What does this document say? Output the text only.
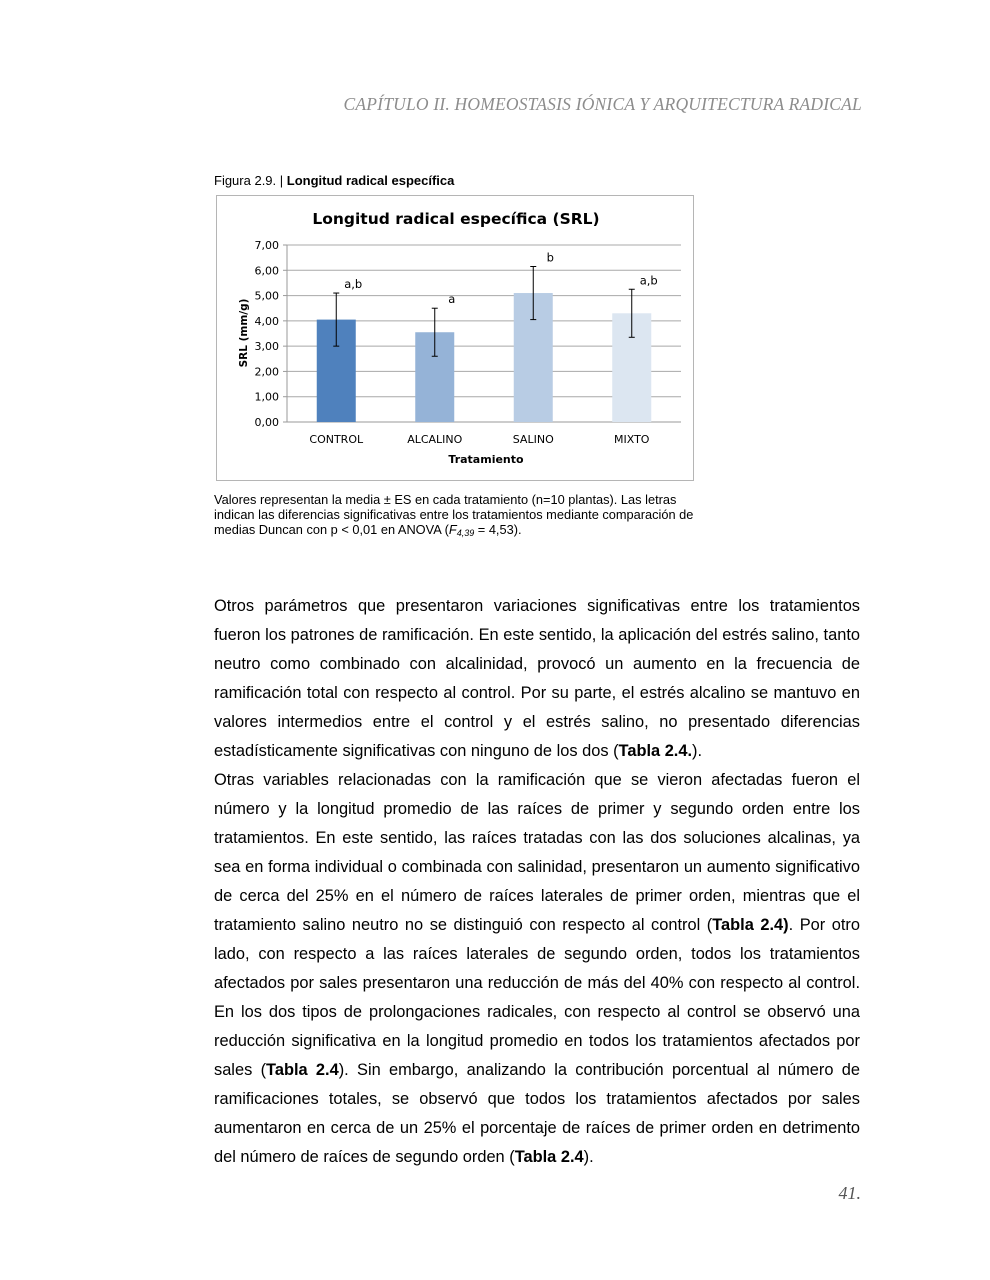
CAPÍTULO II. HOMEOSTASIS IÓNICA Y ARQUITECTURA RADICAL
Figura 2.9. | Longitud radical específica
0,00
1,00
2,00
3,00
4,00
5,00
6,00
7,00
a,b
CONTROL
a
ALCALINO
b
SALINO
a,b
MIXTO
Longitud radical específica (SRL)
Tratamiento
SRL (mm/g)
Valores representan la media ± ES en cada tratamiento (n=10 plantas). Las letras indican las diferencias significativas entre los tratamientos mediante comparación de medias Duncan con p < 0,01 en ANOVA $(F_{4,39} = 4,53)$.

Otros parámetros que presentaron variaciones significativas entre los tratamientos fueron los patrones de ramificación. En este sentido, la aplicación del estrés salino, tanto neutro como combinado con alcalinidad, provocó un aumento en la frecuencia de ramificación total con respecto al control. Por su parte, el estrés alcalino se mantuvo en valores intermedios entre el control y el estrés salino, no presentado diferencias estadísticamente significativas con ninguno de los dos (Tabla 2.4.).

Otras variables relacionadas con la ramificación que se vieron afectadas fueron el número y la longitud promedio de las raíces de primer y segundo orden entre los tratamientos. En este sentido, las raíces tratadas con las dos soluciones alcalinas, ya sea en forma individual o combinada con salinidad, presentaron un aumento significativo de cerca del 25% en el número de raíces laterales de primer orden, mientras que el tratamiento salino neutro no se distinguió con respecto al control (Tabla 2.4). Por otro lado, con respecto a las raíces laterales de segundo orden, todos los tratamientos afectados por sales presentaron una reducción de más del 40% con respecto al control. En los dos tipos de prolongaciones radicales, con respecto al control se observó una reducción significativa en la longitud promedio en todos los tratamientos afectados por sales (Tabla 2.4). Sin embargo, analizando la contribución porcentual al número de ramificaciones totales, se observó que todos los tratamientos afectados por sales aumentaron en cerca de un 25% el porcentaje de raíces de primer orden en detrimento del número de raíces de segundo orden (Tabla 2.4).

41.
